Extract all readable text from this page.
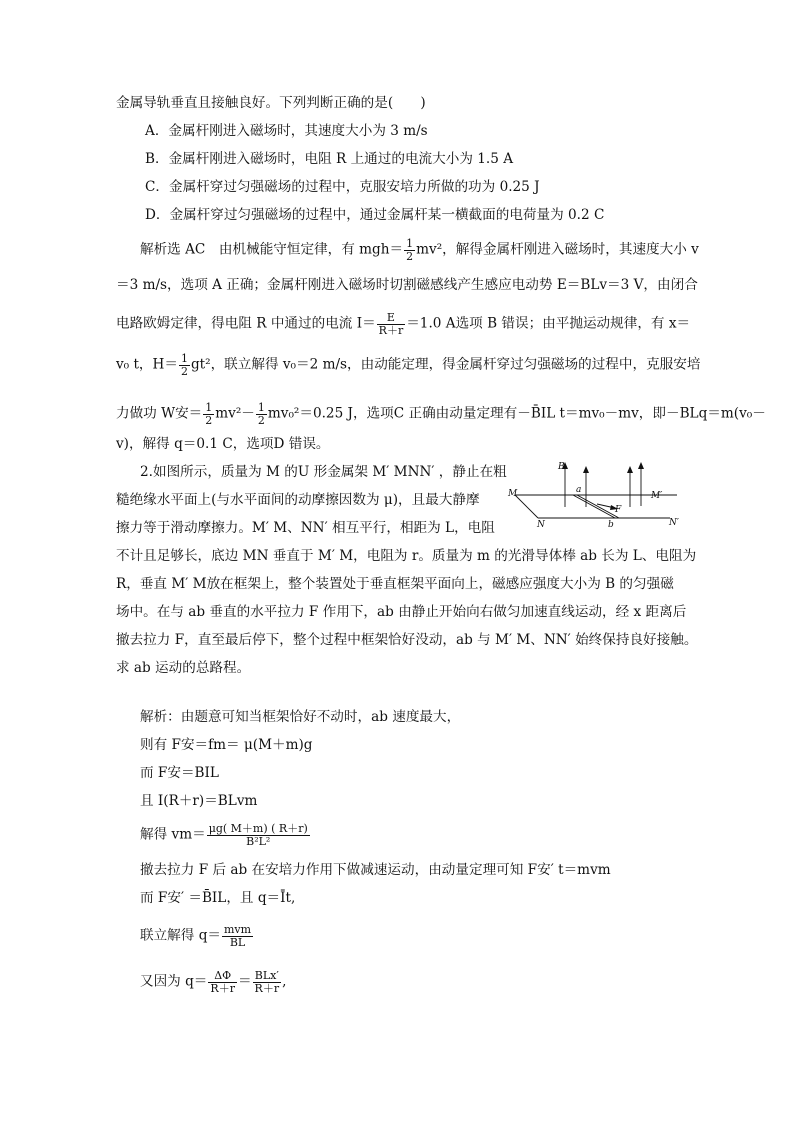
金属导轨垂直且接触良好。下列判断正确的是(　　)
A．金属杆刚进入磁场时，其速度大小为 3 m/s
B．金属杆刚进入磁场时，电阻 R 上通过的电流大小为 1.5 A
C．金属杆穿过匀强磁场的过程中，克服安培力所做的功为 0.25 J
D．金属杆穿过匀强磁场的过程中，通过金属杆某一横截面的电荷量为 0.2 C
解析选 AC　由机械能守恒定律，有 $mgh= \frac{1}{2} mv^2$，解得金属杆刚进入磁场时，其速度大小 v
＝3 m/s，选项 A 正确；金属杆刚进入磁场时切割磁感线产生感应电动势 E＝BLv＝3 V，由闭合
电路欧姆定律，得电阻 R 中通过的电流 $I= \frac{E}{R+r} =1.0$ A选项 B 错误；由平抛运动规律，有 x＝
v₀ t，$H= \frac{1}{2} gt^2$，联立解得 v₀＝2 m/s，由动能定理，得金属杆穿过匀强磁场的过程中，克服安培
力做功 W安＝ $\frac{1}{2} mv^2- \frac{1}{2} mv_0^2=0.25$ J，选项C 正确由动量定理有－B̄IL t＝mv₀－mv，即－BLq＝m(v₀－
v)，解得 q＝0.1 C，选项D 错误。
2.如图所示，质量为 M 的U 形金属架 M′ MNN′ ，静止在粗
糙绝缘水平面上(与水平面间的动摩擦因数为 μ)，且最大静摩
擦力等于滑动摩擦力。M′ M、NN′ 相互平行，相距为 L，电阻
不计且足够长，底边 MN 垂直于 M′ M，电阻为 r。质量为 m 的光滑导体棒 ab 长为 L、电阻为
R，垂直 M′ M放在框架上，整个装置处于垂直框架平面向上，磁感应强度大小为 B 的匀强磁
场中。在与 ab 垂直的水平拉力 F 作用下，ab 由静止开始向右做匀加速直线运动，经 x 距离后
撤去拉力 F，直至最后停下，整个过程中框架恰好没动，ab 与 M′ M、NN′ 始终保持良好接触。
求 ab 运动的总路程。
B
M	a
M′
F
N	b	N′
解析：由题意可知当框架恰好不动时，ab 速度最大，
则有 F安＝fm＝ μ(M＋m)g
而 F安＝BIL
且 I(R＋r)＝BLvm
解得 $vm= \frac{\mu g( M+m) ( R+r)}{\text{B²L²}}$
撤去拉力 F 后 ab 在安培力作用下做减速运动，由动量定理可知 F安′ t＝mvm
而 F安′ ＝B̄IL，且 q＝Īt,
联立解得 $q= \frac{\text{mvm}}{BL}$
又因为 $q= \frac{\Delta\Phi}{R+r} = \frac{\text{BLx′}}{R+r}$ ,
